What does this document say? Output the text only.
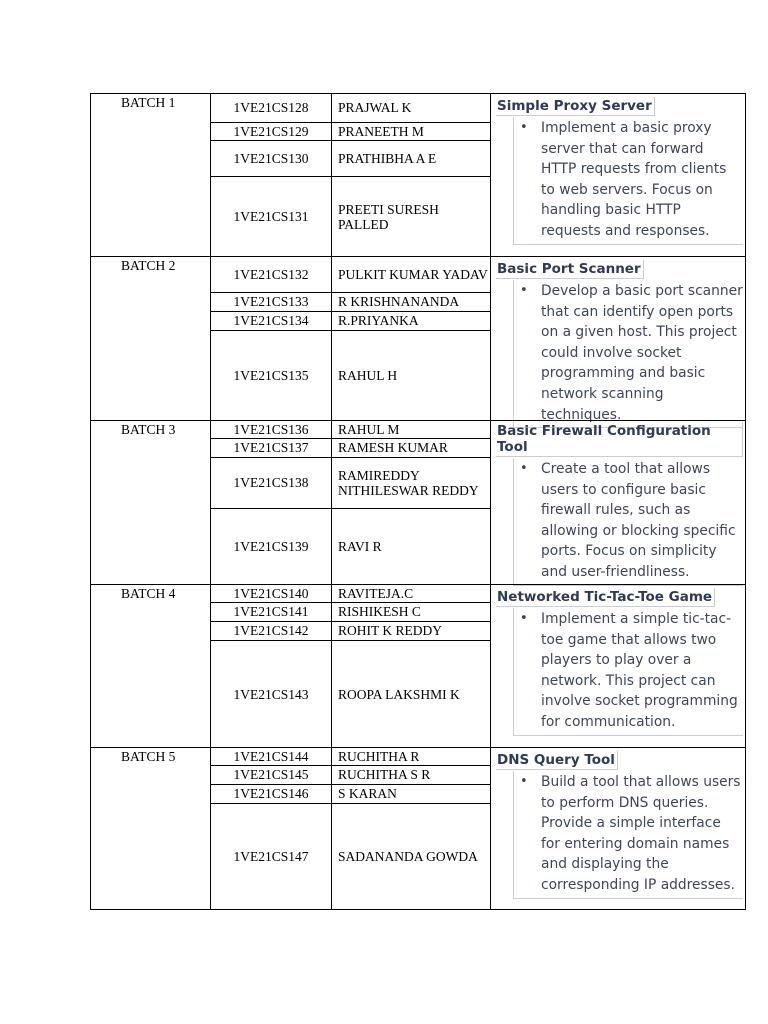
BATCH 1	1VE21CS128	PRAJWAL K
1VE21CS129	PRANEETH M
1VE21CS130	PRATHIBHA A E
1VE21CS131	PREETI SURESH PALLED
Simple Proxy Server
• Implement a basic proxy server that can forward HTTP requests from clients to web servers. Focus on handling basic HTTP requests and responses.
BATCH 2
1VE21CS132	PULKIT KUMAR YADAV
1VE21CS133	R KRISHNANANDA
1VE21CS134	R.PRIYANKA
1VE21CS135	RAHUL H
Basic Port Scanner
• Develop a basic port scanner that can identify open ports on a given host. This project could involve socket programming and basic network scanning techniques.
BATCH 3	1VE21CS136	RAHUL M
1VE21CS137	RAMESH KUMAR
1VE21CS138	RAMIREDDY NITHILESWAR REDDY
1VE21CS139	RAVI R
Basic Firewall Configuration Tool
• Create a tool that allows users to configure basic firewall rules, such as allowing or blocking specific ports. Focus on simplicity and user-friendliness.
BATCH 4	1VE21CS140	RAVITEJA.C
1VE21CS141	RISHIKESH C
1VE21CS142	ROHIT K REDDY
1VE21CS143	ROOPA LAKSHMI K
Networked Tic-Tac-Toe Game
• Implement a simple tic-tac-toe game that allows two players to play over a network. This project can involve socket programming for communication.
BATCH 5	1VE21CS144	RUCHITHA R
1VE21CS145	RUCHITHA S R
1VE21CS146	S KARAN
1VE21CS147	SADANANDA GOWDA
DNS Query Tool
• Build a tool that allows users to perform DNS queries. Provide a simple interface for entering domain names and displaying the corresponding IP addresses.
